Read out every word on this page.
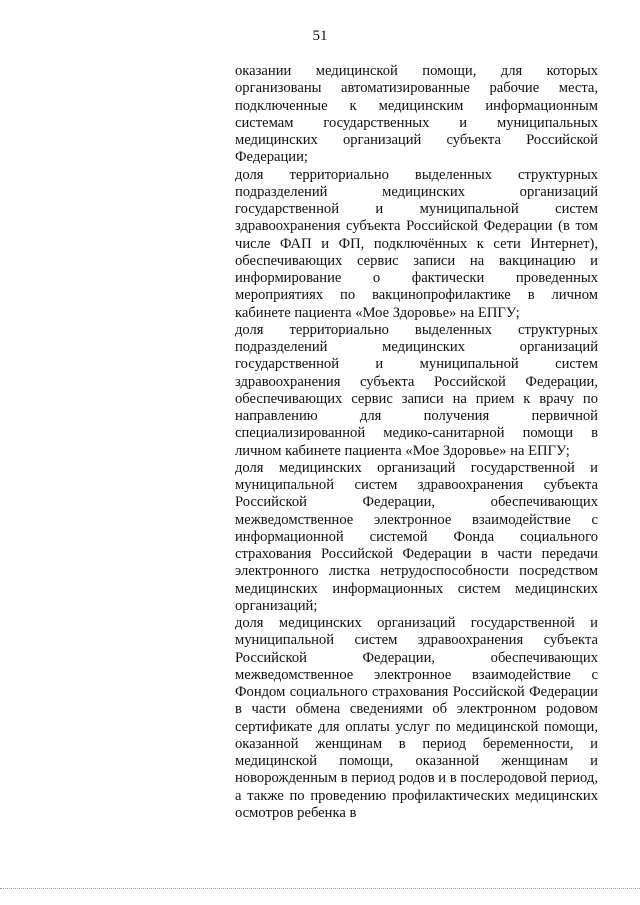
51

оказании медицинской помощи, для которых организованы автоматизированные рабочие места, подключенные к медицинским информационным системам государственных и муниципальных медицинских организаций субъекта Российской Федерации;

доля территориально выделенных структурных подразделений медицинских организаций государственной и муниципальной систем здравоохранения субъекта Российской Федерации (в том числе ФАП и ФП, подключённых к сети Интернет), обеспечивающих сервис записи на вакцинацию и информирование о фактически проведенных мероприятиях по вакцинопрофилактике в личном кабинете пациента «Мое Здоровье» на ЕПГУ;

доля территориально выделенных структурных подразделений медицинских организаций государственной и муниципальной систем здравоохранения субъекта Российской Федерации, обеспечивающих сервис записи на прием к врачу по направлению для получения первичной специализированной медико-санитарной помощи в личном кабинете пациента «Мое Здоровье» на ЕПГУ;

доля медицинских организаций государственной и муниципальной систем здравоохранения субъекта Российской Федерации, обеспечивающих межведомственное электронное взаимодействие с информационной системой Фонда социального страхования Российской Федерации в части передачи электронного листка нетрудоспособности посредством медицинских информационных систем медицинских организаций;

доля медицинских организаций государственной и муниципальной систем здравоохранения субъекта Российской Федерации, обеспечивающих межведомственное электронное взаимодействие с Фондом социального страхования Российской Федерации в части обмена сведениями об электронном родовом сертификате для оплаты услуг по медицинской помощи, оказанной женщинам в период беременности, и медицинской помощи, оказанной женщинам и новорожденным в период родов и в послеродовой период, а также по проведению профилактических медицинских осмотров ребенка в
